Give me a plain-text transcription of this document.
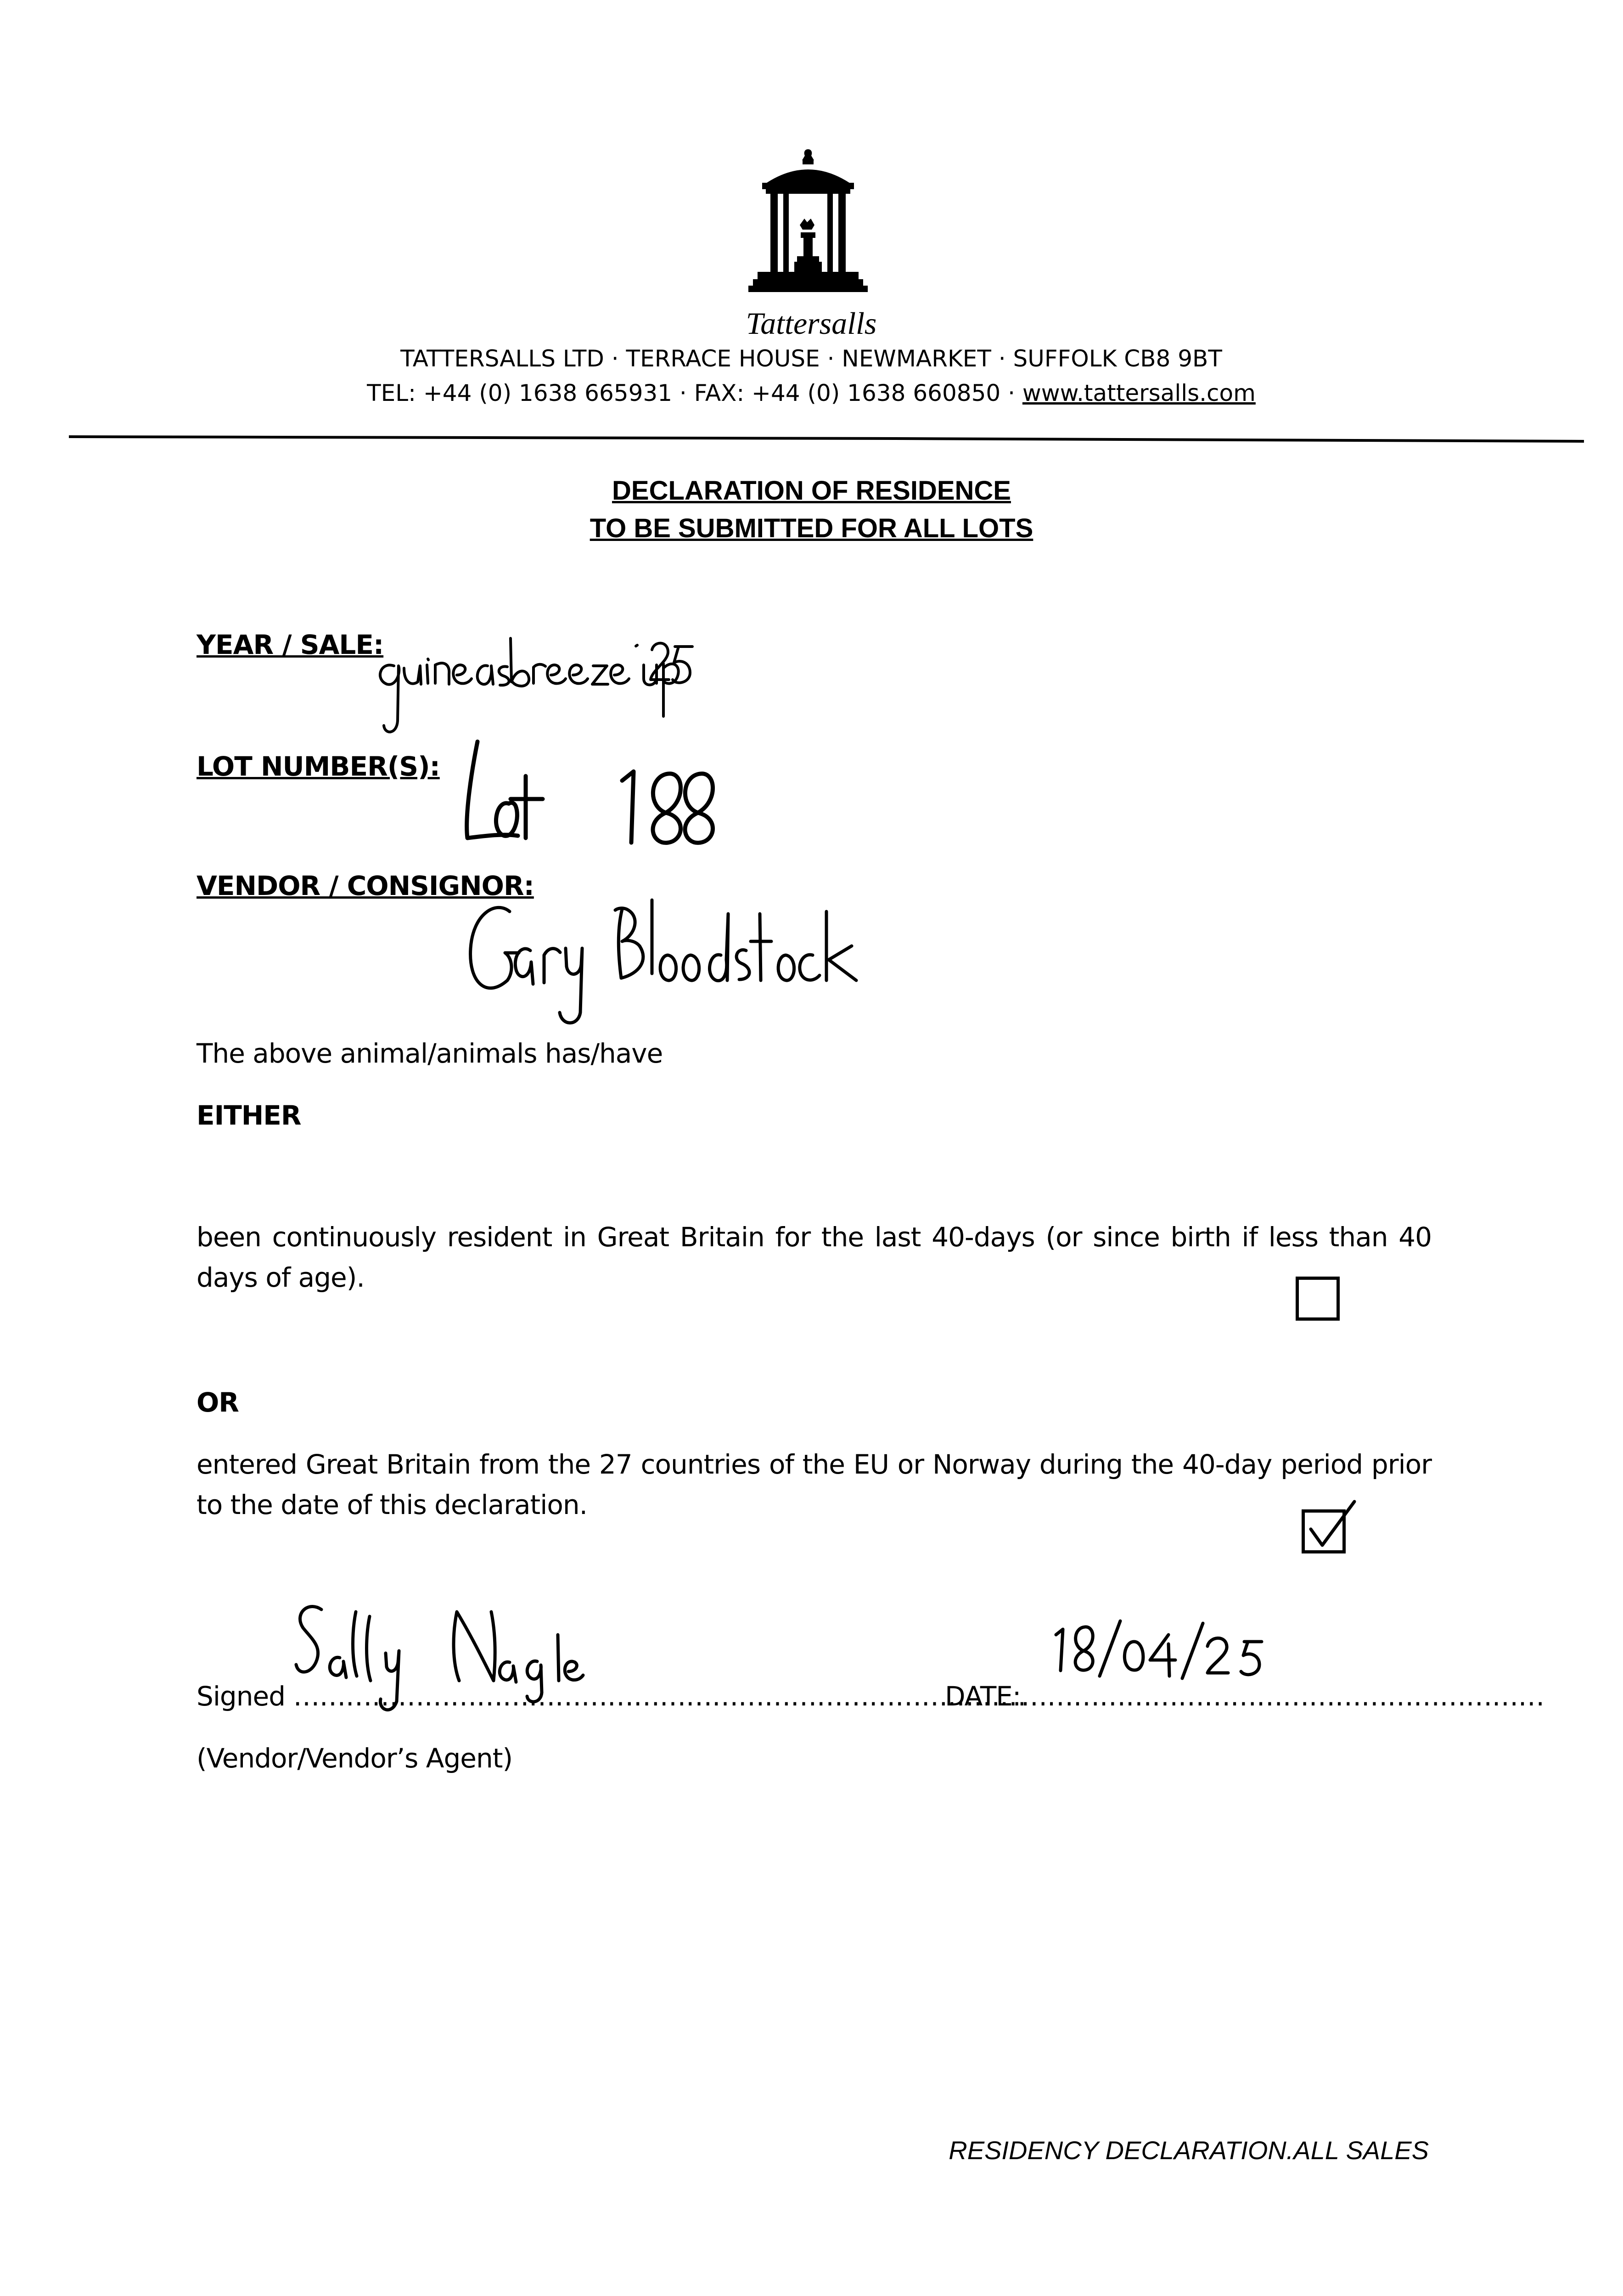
Tattersalls
TATTERSALLS LTD · TERRACE HOUSE · NEWMARKET · SUFFOLK CB8 9BT
TEL: +44 (0) 1638 665931 · FAX: +44 (0) 1638 660850 · www.tattersalls.com
DECLARATION OF RESIDENCE
TO BE SUBMITTED FOR ALL LOTS
YEAR / SALE:
LOT NUMBER(S):
VENDOR / CONSIGNOR:
The above animal/animals has/have
EITHER
been continuously resident in Great Britain for the last 40-days (or since birth if less than 40 days of age).
OR
entered Great Britain from the 27 countries of the EU or Norway during the 40-day period prior to the date of this declaration.
Signed …………………………………………………………………………
DATE:……………………………………………………
(Vendor/Vendor’s Agent)
RESIDENCY DECLARATION.ALL SALES
